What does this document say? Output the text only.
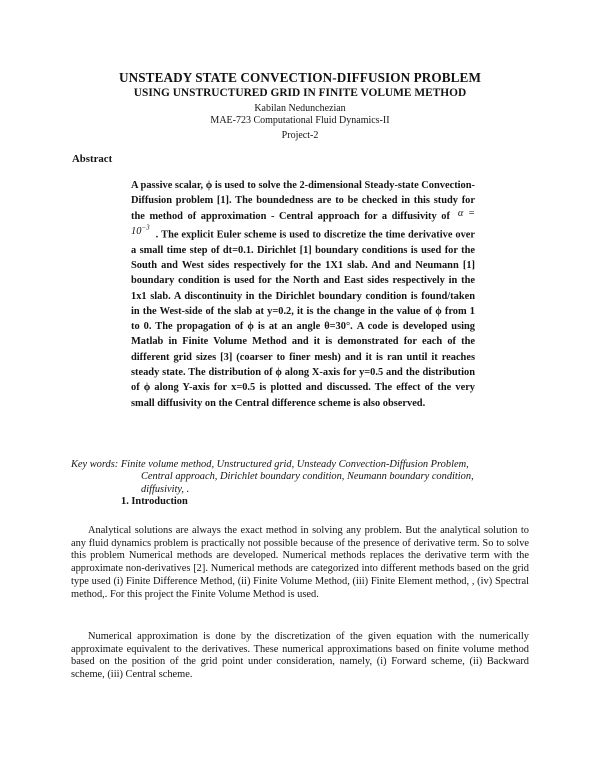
UNSTEADY STATE CONVECTION-DIFFUSION PROBLEM
USING UNSTRUCTURED GRID IN FINITE VOLUME METHOD
Kabilan Nedunchezian
MAE-723 Computational Fluid Dynamics-II
Project-2
Abstract
A passive scalar, ϕ is used to solve the 2-dimensional Steady-state Convection-Diffusion problem [1]. The boundedness are to be checked in this study for the method of approximation - Central approach for a diffusivity of $\alpha = 10^{-3}$. The explicit Euler scheme is used to discretize the time derivative over a small time step of dt=0.1. Dirichlet [1] boundary conditions is used for the South and West sides respectively for the 1X1 slab. And and Neumann [1] boundary condition is used for the North and East sides respectively in the 1x1 slab. A discontinuity in the Dirichlet boundary condition is found/taken in the West-side of the slab at y=0.2, it is the change in the value of ϕ from 1 to 0. The propagation of ϕ is at an angle θ=30°. A code is developed using Matlab in Finite Volume Method and it is demonstrated for each of the different grid sizes [3] (coarser to finer mesh) and it is ran until it reaches steady state. The distribution of ϕ along X-axis for y=0.5 and the distribution of ϕ along Y-axis for x=0.5 is plotted and discussed. The effect of the very small diffusivity on the Central difference scheme is also observed.
Key words: Finite volume method, Unstructured grid, Unsteady Convection-Diffusion Problem,
Central approach, Dirichlet boundary condition, Neumann boundary condition,
diffusivity, .
1. Introduction
Analytical solutions are always the exact method in solving any problem. But the analytical solution to any fluid dynamics problem is practically not possible because of the presence of derivative term. So to solve this problem Numerical methods are developed. Numerical methods replaces the derivative term with the approximate non-derivatives [2]. Numerical methods are categorized into different methods based on the grid type used (i) Finite Difference Method, (ii) Finite Volume Method, (iii) Finite Element method, , (iv) Spectral method,. For this project the Finite Volume Method is used.
Numerical approximation is done by the discretization of the given equation with the numerically approximate equivalent to the derivatives. These numerical approximations based on finite volume method based on the position of the grid point under consideration, namely, (i) Forward scheme, (ii) Backward scheme, (iii) Central scheme.
